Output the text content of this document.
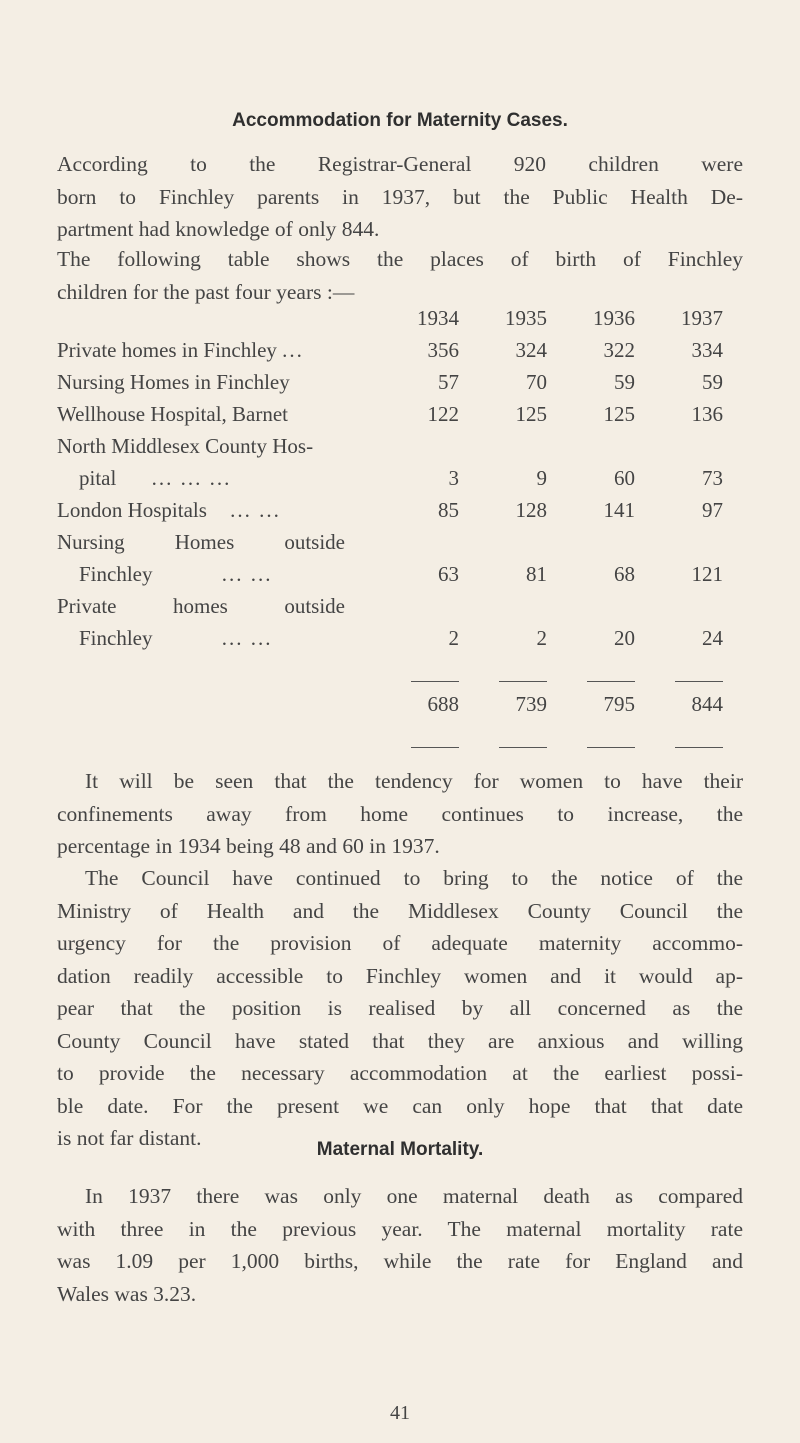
Accommodation for Maternity Cases.

According to the Registrar-General 920 children were
born to Finchley parents in 1937, but the Public Health De-
partment had knowledge of only 844.

The following table shows the places of birth of Finchley
children for the past four years :—

	1934	1935	1936	1937
Private homes in Finchley ...	356	324	322	334
Nursing Homes in Finchley	57	70	59	59
Wellhouse Hospital, Barnet	122	125	125	136
North Middlesex County Hos-				
pital ... ... ...	3	9	60	73
London Hospitals ... ...	85	128	141	97

Nursing Homes outside				

Finchley ... ...	63	81	68	121

Private homes outside				

Finchley ... ...	2	2	20	24

	688	739	795	844

It will be seen that the tendency for women to have their
confinements away from home continues to increase, the
percentage in 1934 being 48 and 60 in 1937.

The Council have continued to bring to the notice of the
Ministry of Health and the Middlesex County Council the
urgency for the provision of adequate maternity accommo-
dation readily accessible to Finchley women and it would ap-
pear that the position is realised by all concerned as the
County Council have stated that they are anxious and willing
to provide the necessary accommodation at the earliest possi-
ble date. For the present we can only hope that that date
is not far distant.	Maternal Mortality.

In 1937 there was only one maternal death as compared
with three in the previous year. The maternal mortality rate
was 1.09 per 1,000 births, while the rate for England and
Wales was 3.23.

41
